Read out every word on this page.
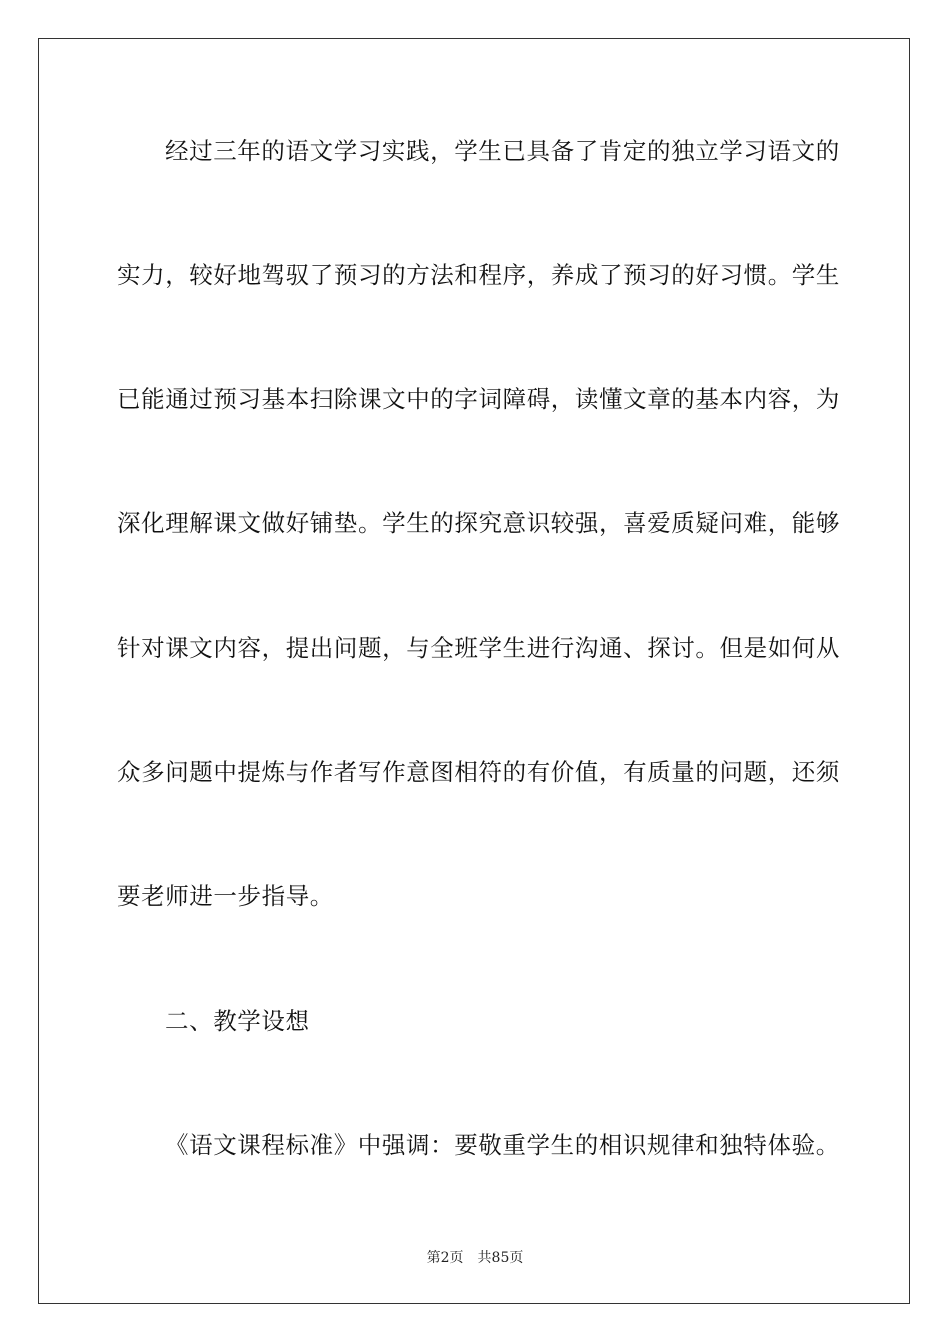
经过三年的语文学习实践，学生已具备了肯定的独立学习语文的
实力，较好地驾驭了预习的方法和程序，养成了预习的好习惯。学生
已能通过预习基本扫除课文中的字词障碍，读懂文章的基本内容，为
深化理解课文做好铺垫。学生的探究意识较强，喜爱质疑问难，能够
针对课文内容，提出问题，与全班学生进行沟通、探讨。但是如何从
众多问题中提炼与作者写作意图相符的有价值，有质量的问题，还须
要老师进一步指导。
二、教学设想
《语文课程标准》中强调：要敬重学生的相识规律和独特体验。
第2页 共85页
